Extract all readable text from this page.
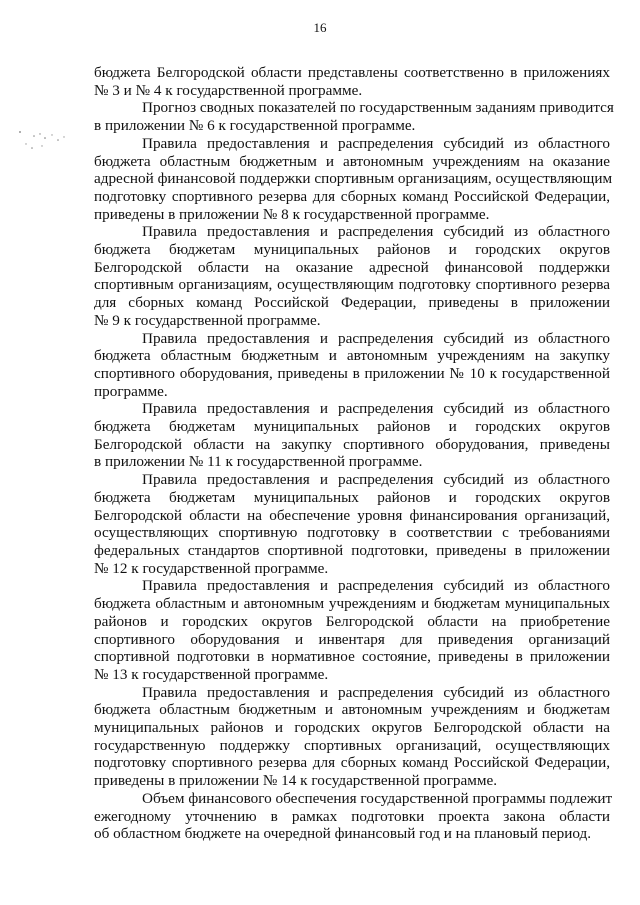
16
бюджета Белгородской области представлены соответственно в приложениях
№ 3 и № 4 к государственной программе.
Прогноз сводных показателей по государственным заданиям приводится
в приложении № 6 к государственной программе.
Правила предоставления и распределения субсидий из областного
бюджета областным бюджетным и автономным учреждениям на оказание
адресной финансовой поддержки спортивным организациям, осуществляющим
подготовку спортивного резерва для сборных команд Российской Федерации,
приведены в приложении № 8 к государственной программе.
Правила предоставления и распределения субсидий из областного
бюджета бюджетам муниципальных районов и городских округов
Белгородской области на оказание адресной финансовой поддержки
спортивным организациям, осуществляющим подготовку спортивного резерва
для сборных команд Российской Федерации, приведены в приложении
№ 9 к государственной программе.
Правила предоставления и распределения субсидий из областного
бюджета областным бюджетным и автономным учреждениям на закупку
спортивного оборудования, приведены в приложении № 10 к государственной
программе.
Правила предоставления и распределения субсидий из областного
бюджета бюджетам муниципальных районов и городских округов
Белгородской области на закупку спортивного оборудования, приведены
в приложении № 11 к государственной программе.
Правила предоставления и распределения субсидий из областного
бюджета бюджетам муниципальных районов и городских округов
Белгородской области на обеспечение уровня финансирования организаций,
осуществляющих спортивную подготовку в соответствии с требованиями
федеральных стандартов спортивной подготовки, приведены в приложении
№ 12 к государственной программе.
Правила предоставления и распределения субсидий из областного
бюджета областным и автономным учреждениям и бюджетам муниципальных
районов и городских округов Белгородской области на приобретение
спортивного оборудования и инвентаря для приведения организаций
спортивной подготовки в нормативное состояние, приведены в приложении
№ 13 к государственной программе.
Правила предоставления и распределения субсидий из областного
бюджета областным бюджетным и автономным учреждениям и бюджетам
муниципальных районов и городских округов Белгородской области на
государственную поддержку спортивных организаций, осуществляющих
подготовку спортивного резерва для сборных команд Российской Федерации,
приведены в приложении № 14 к государственной программе.
Объем финансового обеспечения государственной программы подлежит
ежегодному уточнению в рамках подготовки проекта закона области
об областном бюджете на очередной финансовый год и на плановый период.
